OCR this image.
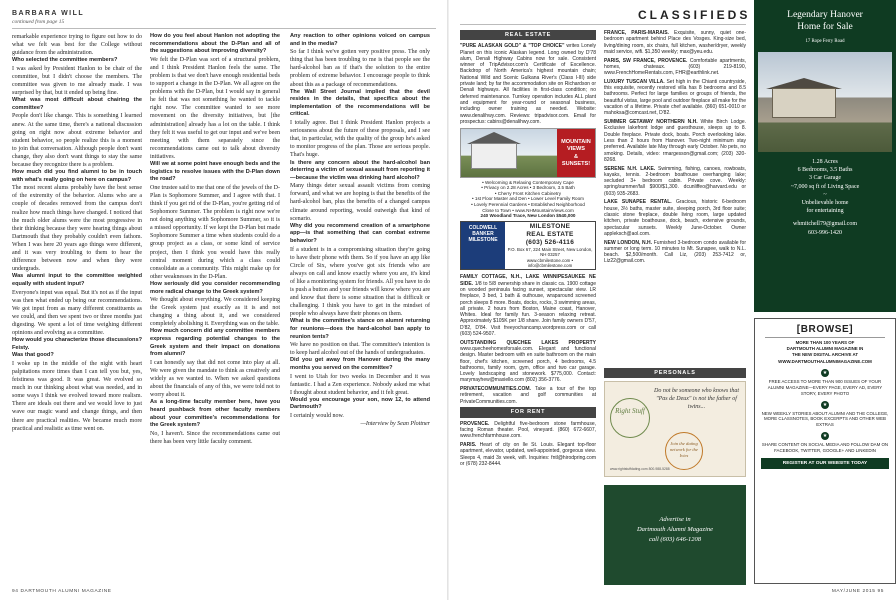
BARBARA WILL
continued from page 15

remarkable experience trying to figure out how to do what we felt was best for the College without guidance from the administration.

Who selected the committee members?

I was asked by President Hanlon to be chair of the committee, but I didn't choose the members. The committee was given to me already made. I was surprised by that, but it ended up being fine.

What was most difficult about chairing the committee?

People don't like change. This is something I learned anew. At the same time, there's a national discussion going on right now about extreme behavior and student behavior, so people realize this is a moment to join that conversation. Although people don't want change, they also don't want things to stay the same because they recognize there is a problem.

How much did you find alumni to be in touch with what's really going on here on campus?

The most recent alums probably have the best sense of the extremity of the behavior. Alums who are a couple of decades removed from the campus don't realize how much things have changed. I noticed that the much older alums were the most progressive in their thinking because they were hearing things about Dartmouth that they probably couldn't even fathom. When I was here 20 years ago things were different, and it was very troubling to them to hear the difference between now and when they were undergrads.

Was alumni input to the committee weighted equally with student input?

Everyone's input was equal. But it's not as if the input was then what ended up being our recommendations. We got input from as many different constituents as we could, and then we spent two or three months just digesting. We spent a lot of time weighing different opinions and evolving as a committee.

How would you characterize those discussions? Feisty.

Was that good?

I woke up in the middle of the night with heart palpitations more times than I can tell you but, yes, feistiness was good. It was great. We evolved so much in our thinking about what was needed, and in some ways I think we evolved toward more realism. There are ideals out there and we would love to just wave our magic wand and change things, and then there are practical realities. We became much more practical and realistic as time went on.

How do you feel about Hanlon not adopting the recommendations about the D-Plan and all of the suggestions about improving diversity?

We felt the D-Plan was sort of a structural problem, and I think President Hanlon feels the same. The problem is that we don't have enough residential beds to support a change in the D-Plan. We all agree on the problems with the D-Plan, but I would say in general he felt that was not something he wanted to tackle right now. The committee wanted to see more movement on the diversity initiatives, but [the administration] already has a lot on the table. I think they felt it was useful to get our input and we've been meeting with them separately since the recommendations came out to talk about diversity initiatives.

Will we at some point have enough beds and the logistics to resolve issues with the D-Plan down the road?

One trustee said to me that one of the jewels of the D-Plan is Sophomore Summer, and I agree with that. I think if you get rid of the D-Plan, you're getting rid of Sophomore Summer. The problem is right now we're not doing anything with Sophomore Summer, so it is a missed opportunity. If we kept the D-Plan but made Sophomore Summer a time when students could do a group project as a class, or some kind of service project, then I think you would have this really central moment during which a class could consolidate as a community. This might make up for other weaknesses in the D-Plan.

How seriously did you consider recommending more radical change to the Greek system?

We thought about everything. We considered keeping the Greek system just exactly as it is and not changing a thing about it, and we considered completely abolishing it. Everything was on the table.

How much concern did any committee members express regarding potential changes to the Greek system and their impact on donations from alumni?

I can honestly say that did not come into play at all. We were given the mandate to think as creatively and widely as we wanted to. When we asked questions about the financials of any of this, we were told not to worry about it.

As a long-time faculty member here, have you heard pushback from other faculty members about your committee's recommendations for the Greek system?

No, I haven't. Since the recommendations came out there has been very little faculty comment.

Any reaction to other opinions voiced on campus and in the media?

So far I think we've gotten very positive press. The only thing that has been troubling to me is that people see the hard-alcohol ban as if that's the solution to the entire problem of extreme behavior. I encourage people to think about this as a package of recommendations.

The Wall Street Journal implied that the devil resides in the details, that specifics about the implementation of the recommendations will be critical.

I totally agree. But I think President Hanlon projects a seriousness about the future of these proposals, and I see that, in particular, with the quality of the group he's asked to monitor progress of the plan. Those are serious people. That's huge.

Is there any concern about the hard-alcohol ban deterring a victim of sexual assault from reporting it—because the victim was drinking hard alcohol?

Many things deter sexual assault victims from coming forward, and what we are hoping is that the benefits of the hard-alcohol ban, plus the benefits of a changed campus climate around reporting, would outweigh that kind of scenario.

Why did you recommend creation of a smartphone app—is that something that can combat extreme behavior?

If a student is in a compromising situation they're going to have their phone with them. So if you have an app like Circle of Six, where you've got six friends who are always on call and know exactly where you are, it's kind of like a monitoring system for friends. All you have to do is push a button and your friends will know where you are and know that there is some situation that is difficult or challenging. I think you have to get in the mindset of people who always have their phones on them.

What is the committee's stance on alumni returning for reunions—does the hard-alcohol ban apply to reunion tents?

We have no position on that. The committee's intention is to keep hard alcohol out of the hands of undergraduates.

Did you get away from Hanover during the many months you served on the committee?

I went to Utah for two weeks in December and it was fantastic. I had a Zen experience. Nobody asked me what I thought about student behavior, and it felt great.

Would you encourage your son, now 12, to attend Dartmouth?

I certainly would now.

—Interview by Sean Plottner

94 DARTMOUTH ALUMNI MAGAZINE
CLASSIFIEDS
REAL ESTATE

"PURE ALASKAN GOLD" & "TOP CHOICE" writes Lonely Planet on this iconic Alaskan legend. Long owned by D'78 alum, Denali Highway Cabins now for sale. Consistent winner of TripAdvisor.com's Certificate of Excellence. Backdrop of North America's highest mountain chain; National Wild and Scenic Gulkana River's (Class I-III) side private land; by far the accommodation site on Richardson or Denali highways. All facilities in first-class condition; no deferred maintenance. Turnkey operation includes ALL plant and equipment for year-round or seasonal business, including owner training as needed. Website: www.denalihwy.com. Reviews: tripadvisor.com. Email for prospectus: cabins@denalihwy.com.

MOUNTAIN
VIEWS
&
SUNSETS!
• Welcoming & Relaxing Contemporary Cape
• Privacy on 2.28 Acres • 3 Bedroom, 3.5 Bath
• Cherry Front Kitchen Cabinetry
• 1st Floor Master and Den • Lower Level Family Room
• Lovely Perennial Gardens • Established Neighborhood
Close to Town • www.NHMountainViews.com
240 Woodland Trace, New London $540,000
COLDWELL
BANKER
MILESTONE
MILESTONE
REAL ESTATE
(603) 526-4116
P.O. Box 67, 224 Main Street, New London, NH 03257
www.cbmilestone.com • info@cbmilestone.com

FAMILY COTTAGE, N.H., LAKE WINNIPESAUKEE NE SIDE. 1/8 to 5/8 ownership share in classic ca. 1900 cottage on wooded peninsula facing sunset, spectacular view. LR fireplace, 3 bed, 1 bath & outhouse, wraparound screened porch sleeps 8 more. Boats, docks, rocks, 3 swimming areas, all private. 2 hours from Boston, Maine coast, Hanover, Whites. Ideal for family fun. 3-season relaxing retreat. Approximately $105K per 1/8 share. Join family owners D'57, D'82, D'84. Visit freeyochancamp.wordpress.com or call (603) 524-9507.

OUTSTANDING QUECHEE LAKES PROPERTY www.quecheehomesforsale.com. Elegant and functional design. Master bedroom with en suite bathroom on the main floor, chef's kitchen, screened porch, 4 bedrooms, 4.5 bathrooms, family room, gym, office and two car garage. Lovely landscaping and stonework. $775,000. Contact: marymayhew@maxiello.com (802) 356-3776.

PRIVATECOMMUNITIES.COM. Take a tour of the top retirement, vacation and golf communities at PrivateCommunities.com.

FOR RENT

PROVENCE. Delightful five-bedroom stone farmhouse, facing Roman theater. Pool, vineyard. (860) 672-6607, www.frenchfarmhouse.com.

PARIS. Heart of city on Ile St. Louis. Elegant top-floor apartment, elevator, updated, well-appointed, gorgeous view. Sleeps 4, maid 3x week, wifi. Inquiries: fntl@hirodpring.com or (678) 232-8444.

FRANCE, PARIS-MARAIS. Exquisite, sunny, quiet one-bedroom apartment behind Place des Vosges. King-size bed, living/dining room, six chairs, full kitchen, washer/dryer, weekly maid service, wifi. $1,350 weekly; max@yeu.edu.

PARIS, SW FRANCE, PROVENCE. Comfortable apartments, homes, chateaux. (603) 219-8190, www.FrenchHomeRentals.com, FHR@earthlink.net.

LUXURY TUSCAN VILLA. Set high in the Chianti countryside, this exquisite, recently restored villa has 8 bedrooms and 8.5 bathrooms. Perfect for large families or groups of friends, the beautiful vistas, large pool and outdoor fireplace all make for the vacation of a lifetime. Private chef available. (860) 651-0010 or mahoksa@comcast.net, D'82.

SUMMER GETAWAY NORTHERN N.H. White Birch Lodge. Exclusive lakefront lodge and guesthouse, sleeps up to 8. Double fireplace. Private dock, boats. Porch overlooking lake. Less than 2 hours from Hanover. Two-night minimum stay preferred. Available late May through early October. No pets, no smoking. Details, video: rmargesson@gmail.com; (203) 320-8268.

SERENE N.H. LAKE. Swimming, fishing, canoes, rowboats, kayaks, tennis. 2-bedroom boathouse overhanging lake; secluded 3+ bedroom cabin. Private cove. Weekly: spring/summer/fall $900/$1,300. dcunliffeo@harvard.edu or (603) 935-2683.

LAKE SUNAPEE RENTAL. Gracious, historic 6-bedroom house, 3½ baths, master suite, sleeping porch, 3rd floor suite; classic stone fireplace, double living room, large updated kitchen, private boathouse, dock, beach, extensive grounds, spectacular sunsets. Weekly June-October. Owner appleksch@aol.com.

NEW LONDON, N.H. Furnished 3-bedroom condo available for summer or long term. 10 minutes to Mt. Sunapee, walk to N.L. beach. $2,500/month. Call Liz, (203) 253-7412 or, Liz22@gmail.com.

PERSONALS
Do not be someone who knows that "Pas de Deux" is not the father of twins...
Right Stuff
Join the dating network for the Ivies
www.rightstuffdating.com 800-988-5288
Advertise in
Dartmouth Alumni Magazine
call (603) 646-1208
Legendary Hanover
Home for Sale
17 Rope Ferry Road
1.28 Acres
6 Bedrooms, 3.5 Baths
3 Car Garage
~7,000 sq ft of Living Space
~
Unbelievable home
for entertaining
whmitchell79@gmail.com
603-996-1420
[BROWSE]
MORE THAN 100 YEARS OF
DARTMOUTH ALUMNI MAGAZINE IN
THE NEW DIGITAL ARCHIVE AT
WWW.DARTMOUTHALUMNIMAGAZINE.COM
★
FREE ACCESS TO MORE THAN 900 ISSUES OF YOUR ALUMNI MAGAZINE—EVERY PAGE, EVERY AD, EVERY STORY, EVERY PHOTO
★
NEW WEEKLY STORIES ABOUT ALUMNI AND THE COLLEGE, MORE CLASSNOTES, BOOK EXCERPTS AND OTHER WEB EXTRAS
★
SHARE CONTENT ON SOCIAL MEDIA AND FOLLOW DAM ON FACEBOOK, TWITTER, GOOGLE+ AND LINKEDIN
REGISTER AT OUR WEBSITE TODAY
MAY/JUNE 2015 95
